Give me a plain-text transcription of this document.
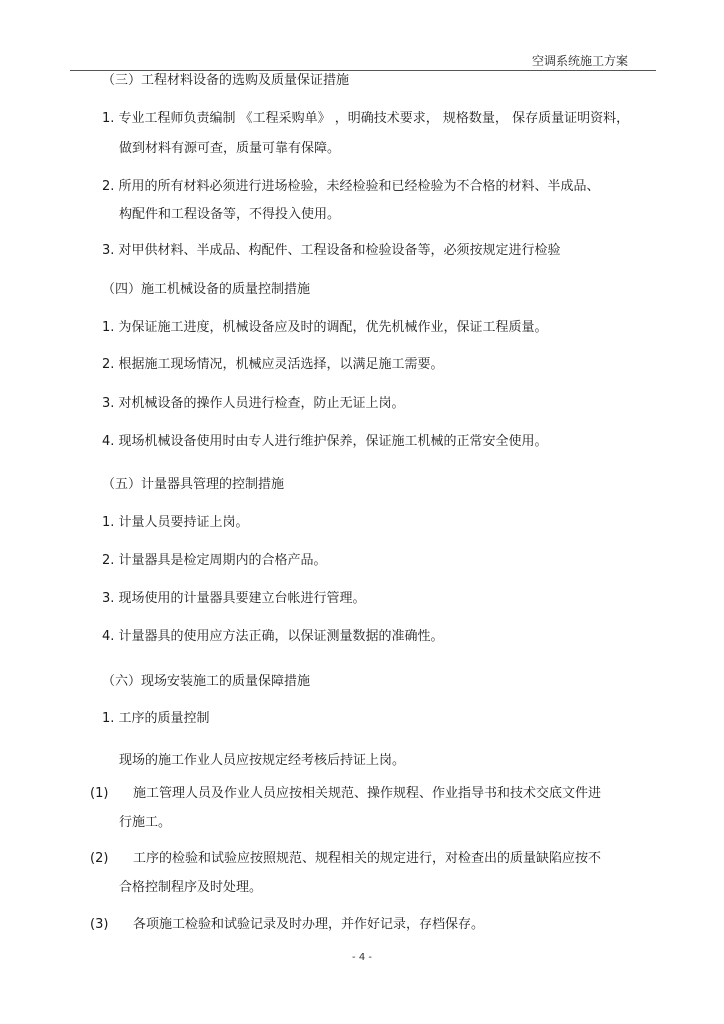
空调系统施工方案
（三）工程材料设备的选购及质量保证措施
1. 专业工程师负责编制 《工程采购单》 ，明确技术要求， 规格数量， 保存质量证明资料，
做到材料有源可查，质量可靠有保障。
2. 所用的所有材料必须进行进场检验，未经检验和已经检验为不合格的材料、半成品、
构配件和工程设备等，不得投入使用。
3. 对甲供材料、半成品、构配件、工程设备和检验设备等，必须按规定进行检验
（四）施工机械设备的质量控制措施
1. 为保证施工进度，机械设备应及时的调配，优先机械作业，保证工程质量。
2. 根据施工现场情况，机械应灵活选择，以满足施工需要。
3. 对机械设备的操作人员进行检查，防止无证上岗。
4. 现场机械设备使用时由专人进行维护保养，保证施工机械的正常安全使用。
（五）计量器具管理的控制措施
1. 计量人员要持证上岗。
2. 计量器具是检定周期内的合格产品。
3. 现场使用的计量器具要建立台帐进行管理。
4. 计量器具的使用应方法正确，以保证测量数据的准确性。
（六）现场安装施工的质量保障措施
1. 工序的质量控制
现场的施工作业人员应按规定经考核后持证上岗。
(1) 施工管理人员及作业人员应按相关规范、操作规程、作业指导书和技术交底文件进
行施工。
(2) 工序的检验和试验应按照规范、规程相关的规定进行，对检查出的质量缺陷应按不
合格控制程序及时处理。
(3) 各项施工检验和试验记录及时办理，并作好记录，存档保存。
- 4 -
